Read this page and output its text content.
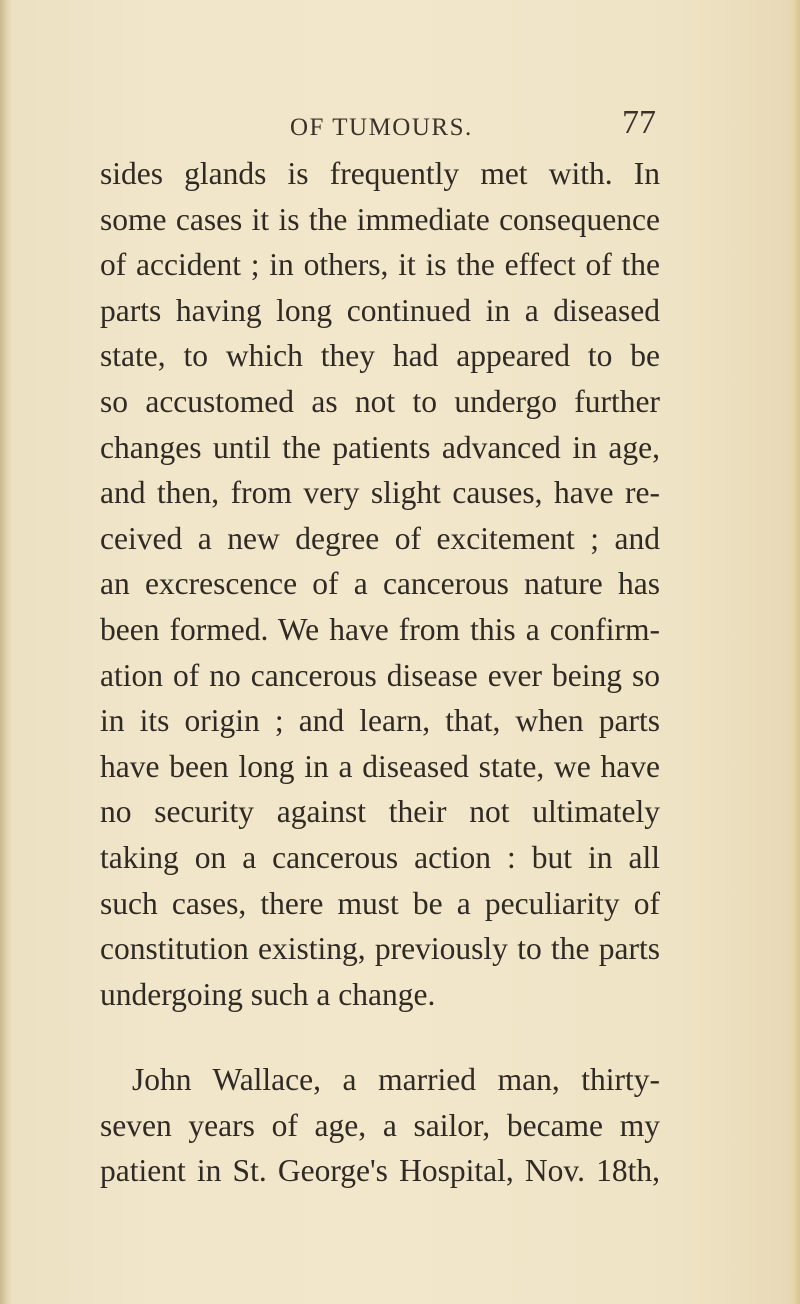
OF TUMOURS.	77
sides glands is frequently met with. In
some cases it is the immediate consequence
of accident ; in others, it is the effect of the
parts having long continued in a diseased
state, to which they had appeared to be
so accustomed as not to undergo further
changes until the patients advanced in age,
and then, from very slight causes, have re-
ceived a new degree of excitement ; and
an excrescence of a cancerous nature has
been formed. We have from this a confirm-
ation of no cancerous disease ever being so
in its origin ; and learn, that, when parts
have been long in a diseased state, we have
no security against their not ultimately
taking on a cancerous action : but in all
such cases, there must be a peculiarity of
constitution existing, previously to the parts
undergoing such a change.
John Wallace, a married man, thirty-
seven years of age, a sailor, became my
patient in St. George's Hospital, Nov. 18th,
